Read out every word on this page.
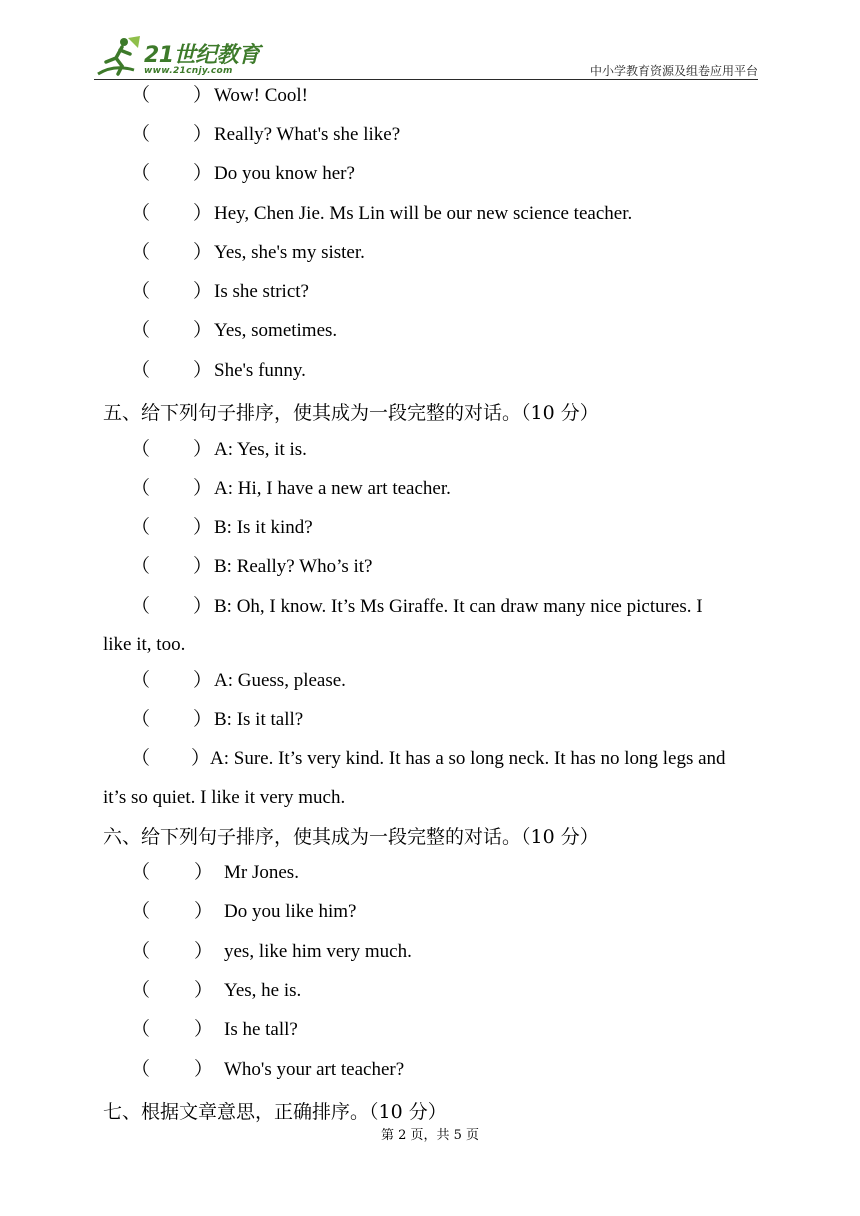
21世纪教育
www.21cnjy.com	中小学教育资源及组卷应用平台
（ ） Wow! Cool!
（ ） Really? What's she like?
（ ） Do you know her?
（ ） Hey, Chen Jie. Ms Lin will be our new science teacher.
（ ） Yes, she's my sister.
（ ） Is she strict?
（ ） Yes, sometimes.
（ ） She's funny.
五、给下列句子排序，使其成为一段完整的对话。（10 分）
（ ） A: Yes, it is.
（ ） A: Hi, I have a new art teacher.
（ ） B: Is it kind?
（ ） B: Really? Who’s it?
（ ） B: Oh, I know. It’s Ms Giraffe. It can draw many nice pictures. I
like it, too.
（ ） A: Guess, please.
（ ） B: Is it tall?
（ ） A: Sure. It’s very kind. It has a so long neck. It has no long legs and
it’s so quiet. I like it very much.
六、给下列句子排序，使其成为一段完整的对话。（10 分）
（ ） Mr Jones.
（ ） Do you like him?
（ ） yes, like him very much.
（ ） Yes, he is.
（ ） Is he tall?
（ ） Who's your art teacher?
七、根据文章意思，正确排序。（10 分）
第 2 页，共 5 页
